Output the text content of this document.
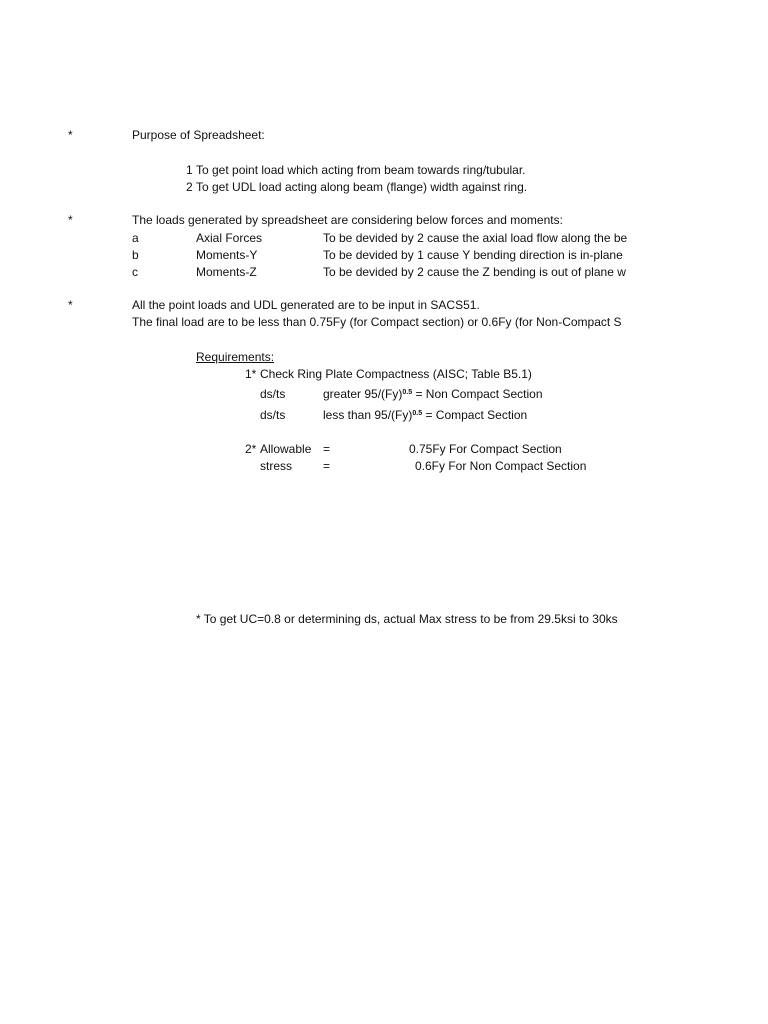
*	Purpose of Spreadsheet:
1 To get point load which acting from beam towards ring/tubular.
2 To get UDL load acting along beam (flange) width against ring.
*	The loads generated by spreadsheet are considering below forces and moments:
a	Axial Forces	To be devided by 2 cause the axial load flow along the be
b	Moments-Y	To be devided by 1 cause Y bending direction is in-plane
c	Moments-Z	To be devided by 2 cause the Z bending is out of plane w
*	All the point loads and UDL generated are to be input in SACS51.
The final load are to be less than 0.75Fy (for Compact section) or 0.6Fy (for Non-Compact S
Requirements:
1* Check Ring Plate Compactness (AISC; Table B5.1)
ds/ts	greater $95/(Fy)^{0.5}$ = Non Compact Section
ds/ts	less than $95/(Fy)^{0.5}$ = Compact Section
2* Allowable =	0.75Fy For Compact Section
stress	=	0.6Fy For Non Compact Section
* To get UC=0.8 or determining ds, actual Max stress to be from 29.5ksi to 30ks
